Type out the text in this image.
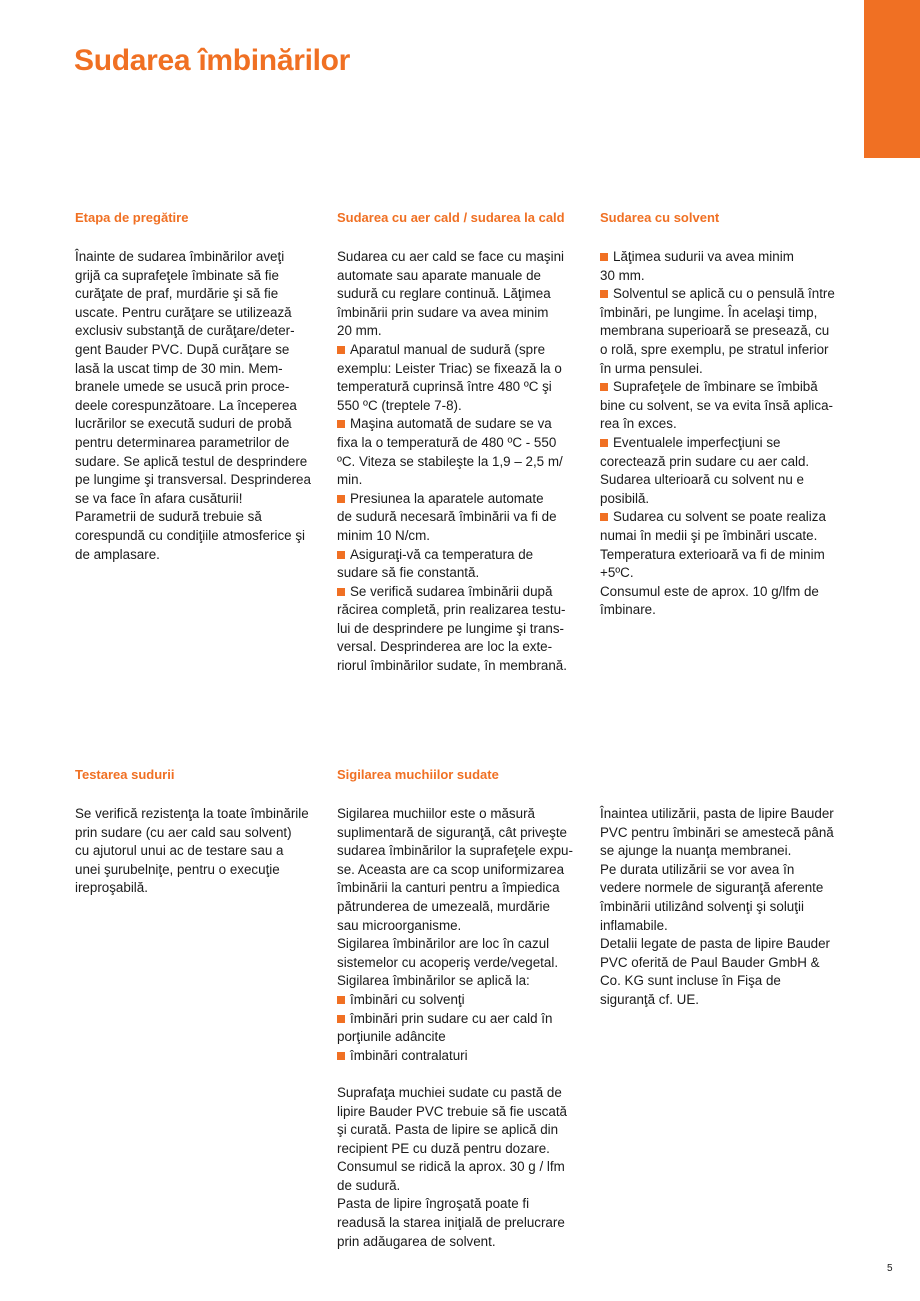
Sudarea îmbinărilor
Etapa de pregătire
Înainte de sudarea îmbinărilor aveţi
grijă ca suprafeţele îmbinate să fie
curăţate de praf, murdărie şi să fie
uscate. Pentru curăţare se utilizează
exclusiv substanţă de curăţare/deter-
gent Bauder PVC. După curăţare se
lasă la uscat timp de 30 min. Mem-
branele umede se usucă prin proce-
deele corespunzătoare. La începerea
lucrărilor se execută suduri de probă
pentru determinarea parametrilor de
sudare. Se aplică testul de desprindere
pe lungime şi transversal. Desprinderea
se va face în afara cusăturii!
Parametrii de sudură trebuie să
corespundă cu condiţiile atmosferice şi
de amplasare.
Sudarea cu aer cald / sudarea la cald
Sudarea cu aer cald se face cu maşini
automate sau aparate manuale de
sudură cu reglare continuă. Lăţimea
îmbinării prin sudare va avea minim
20 mm.
Aparatul manual de sudură (spre
exemplu: Leister Triac) se fixează la o
temperatură cuprinsă între 480 ºC şi
550 ºC (treptele 7-8).
Maşina automată de sudare se va
fixa la o temperatură de 480 ºC - 550
ºC. Viteza se stabileşte la 1,9 – 2,5 m/
min.
Presiunea la aparatele automate
de sudură necesară îmbinării va fi de
minim 10 N/cm.
Asiguraţi-vă ca temperatura de
sudare să fie constantă.
Se verifică sudarea îmbinării după
răcirea completă, prin realizarea testu-
lui de desprindere pe lungime şi trans-
versal. Desprinderea are loc la exte-
riorul îmbinărilor sudate, în membrană.
Sudarea cu solvent
Lăţimea sudurii va avea minim
30 mm.
Solventul se aplică cu o pensulă între
îmbinări, pe lungime. În acelaşi timp,
membrana superioară se presează, cu
o rolă, spre exemplu, pe stratul inferior
în urma pensulei.
Suprafeţele de îmbinare se îmbibă
bine cu solvent, se va evita însă aplica-
rea în exces.
Eventualele imperfecţiuni se
corectează prin sudare cu aer cald.
Sudarea ulterioară cu solvent nu e
posibilă.
Sudarea cu solvent se poate realiza
numai în medii şi pe îmbinări uscate.
Temperatura exterioară va fi de minim
+5ºC.
Consumul este de aprox. 10 g/lfm de
îmbinare.
Testarea sudurii
Se verifică rezistenţa la toate îmbinările
prin sudare (cu aer cald sau solvent)
cu ajutorul unui ac de testare sau a
unei şurubelniţe, pentru o execuţie
ireproşabilă.
Sigilarea muchiilor sudate
Sigilarea muchiilor este o măsură
suplimentară de siguranţă, cât priveşte
sudarea îmbinărilor la suprafeţele expu-
se. Aceasta are ca scop uniformizarea
îmbinării la canturi pentru a împiedica
pătrunderea de umezeală, murdărie
sau microorganisme.
Sigilarea îmbinărilor are loc în cazul
sistemelor cu acoperiş verde/vegetal.
Sigilarea îmbinărilor se aplică la:
îmbinări cu solvenţi
îmbinări prin sudare cu aer cald în
porţiunile adâncite
îmbinări contralaturi
Suprafaţa muchiei sudate cu pastă de
lipire Bauder PVC trebuie să fie uscată
şi curată. Pasta de lipire se aplică din
recipient PE cu duză pentru dozare.
Consumul se ridică la aprox. 30 g / lfm
de sudură.
Pasta de lipire îngroşată poate fi
readusă la starea iniţială de prelucrare
prin adăugarea de solvent.
Înaintea utilizării, pasta de lipire Bauder
PVC pentru îmbinări se amestecă până
se ajunge la nuanţa membranei.
Pe durata utilizării se vor avea în
vedere normele de siguranţă aferente
îmbinării utilizând solvenţi şi soluţii
inflamabile.
Detalii legate de pasta de lipire Bauder
PVC oferită de Paul Bauder GmbH &
Co. KG sunt incluse în Fişa de
siguranţă cf. UE.
5
